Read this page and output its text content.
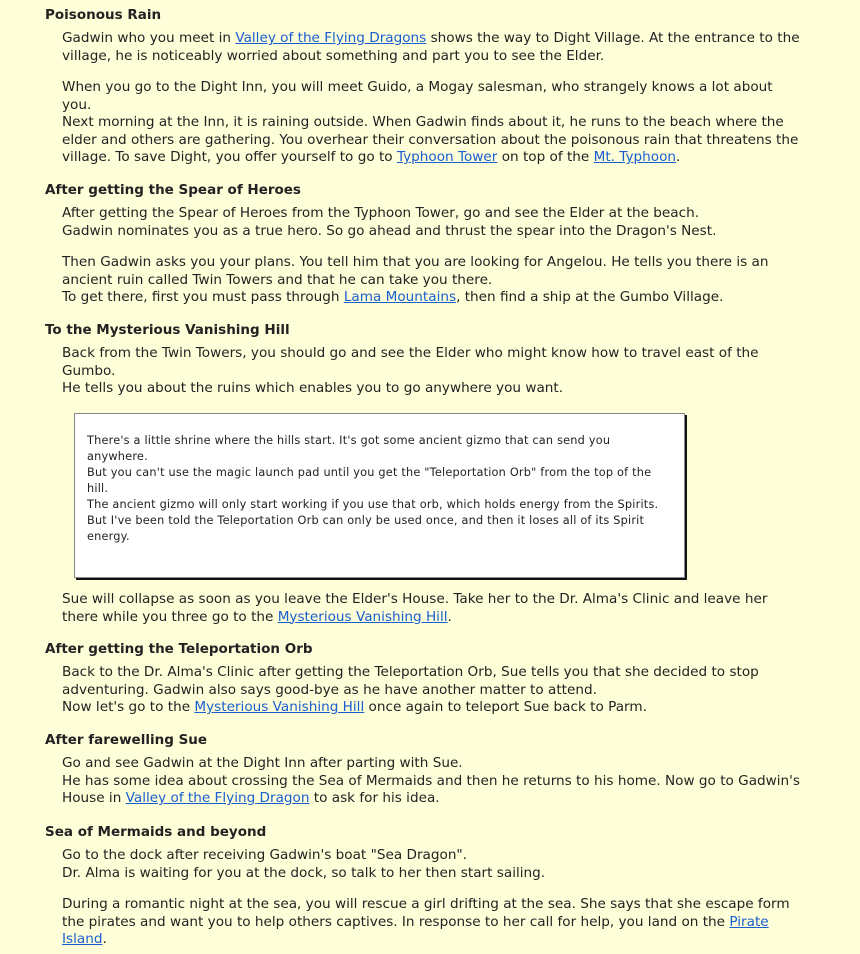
Poisonous Rain

Gadwin who you meet in Valley of the Flying Dragons shows the way to Dight Village. At the entrance to the village, he is noticeably worried about something and part you to see the Elder.

When you go to the Dight Inn, you will meet Guido, a Mogay salesman, who strangely knows a lot about you.

Next morning at the Inn, it is raining outside. When Gadwin finds about it, he runs to the beach where the elder and others are gathering. You overhear their conversation about the poisonous rain that threatens the village. To save Dight, you offer yourself to go to Typhoon Tower on top of the Mt. Typhoon.

After getting the Spear of Heroes

After getting the Spear of Heroes from the Typhoon Tower, go and see the Elder at the beach.

Gadwin nominates you as a true hero. So go ahead and thrust the spear into the Dragon's Nest.

Then Gadwin asks you your plans. You tell him that you are looking for Angelou. He tells you there is an ancient ruin called Twin Towers and that he can take you there.

To get there, first you must pass through Lama Mountains, then find a ship at the Gumbo Village.

To the Mysterious Vanishing Hill

Back from the Twin Towers, you should go and see the Elder who might know how to travel east of the Gumbo.

He tells you about the ruins which enables you to go anywhere you want.

There's a little shrine where the hills start. It's got some ancient gizmo that can send you anywhere.
But you can't use the magic launch pad until you get the "Teleportation Orb" from the top of the hill.
The ancient gizmo will only start working if you use that orb, which holds energy from the Spirits.
But I've been told the Teleportation Orb can only be used once, and then it loses all of its Spirit energy.

Sue will collapse as soon as you leave the Elder's House. Take her to the Dr. Alma's Clinic and leave her there while you three go to the Mysterious Vanishing Hill.

After getting the Teleportation Orb

Back to the Dr. Alma's Clinic after getting the Teleportation Orb, Sue tells you that she decided to stop adventuring. Gadwin also says good-bye as he have another matter to attend.

Now let's go to the Mysterious Vanishing Hill once again to teleport Sue back to Parm.

After farewelling Sue

Go and see Gadwin at the Dight Inn after parting with Sue.

He has some idea about crossing the Sea of Mermaids and then he returns to his home. Now go to Gadwin's House in Valley of the Flying Dragon to ask for his idea.

Sea of Mermaids and beyond

Go to the dock after receiving Gadwin's boat "Sea Dragon".

Dr. Alma is waiting for you at the dock, so talk to her then start sailing.

During a romantic night at the sea, you will rescue a girl drifting at the sea. She says that she escape form the pirates and want you to help others captives. In response to her call for help, you land on the Pirate Island.
